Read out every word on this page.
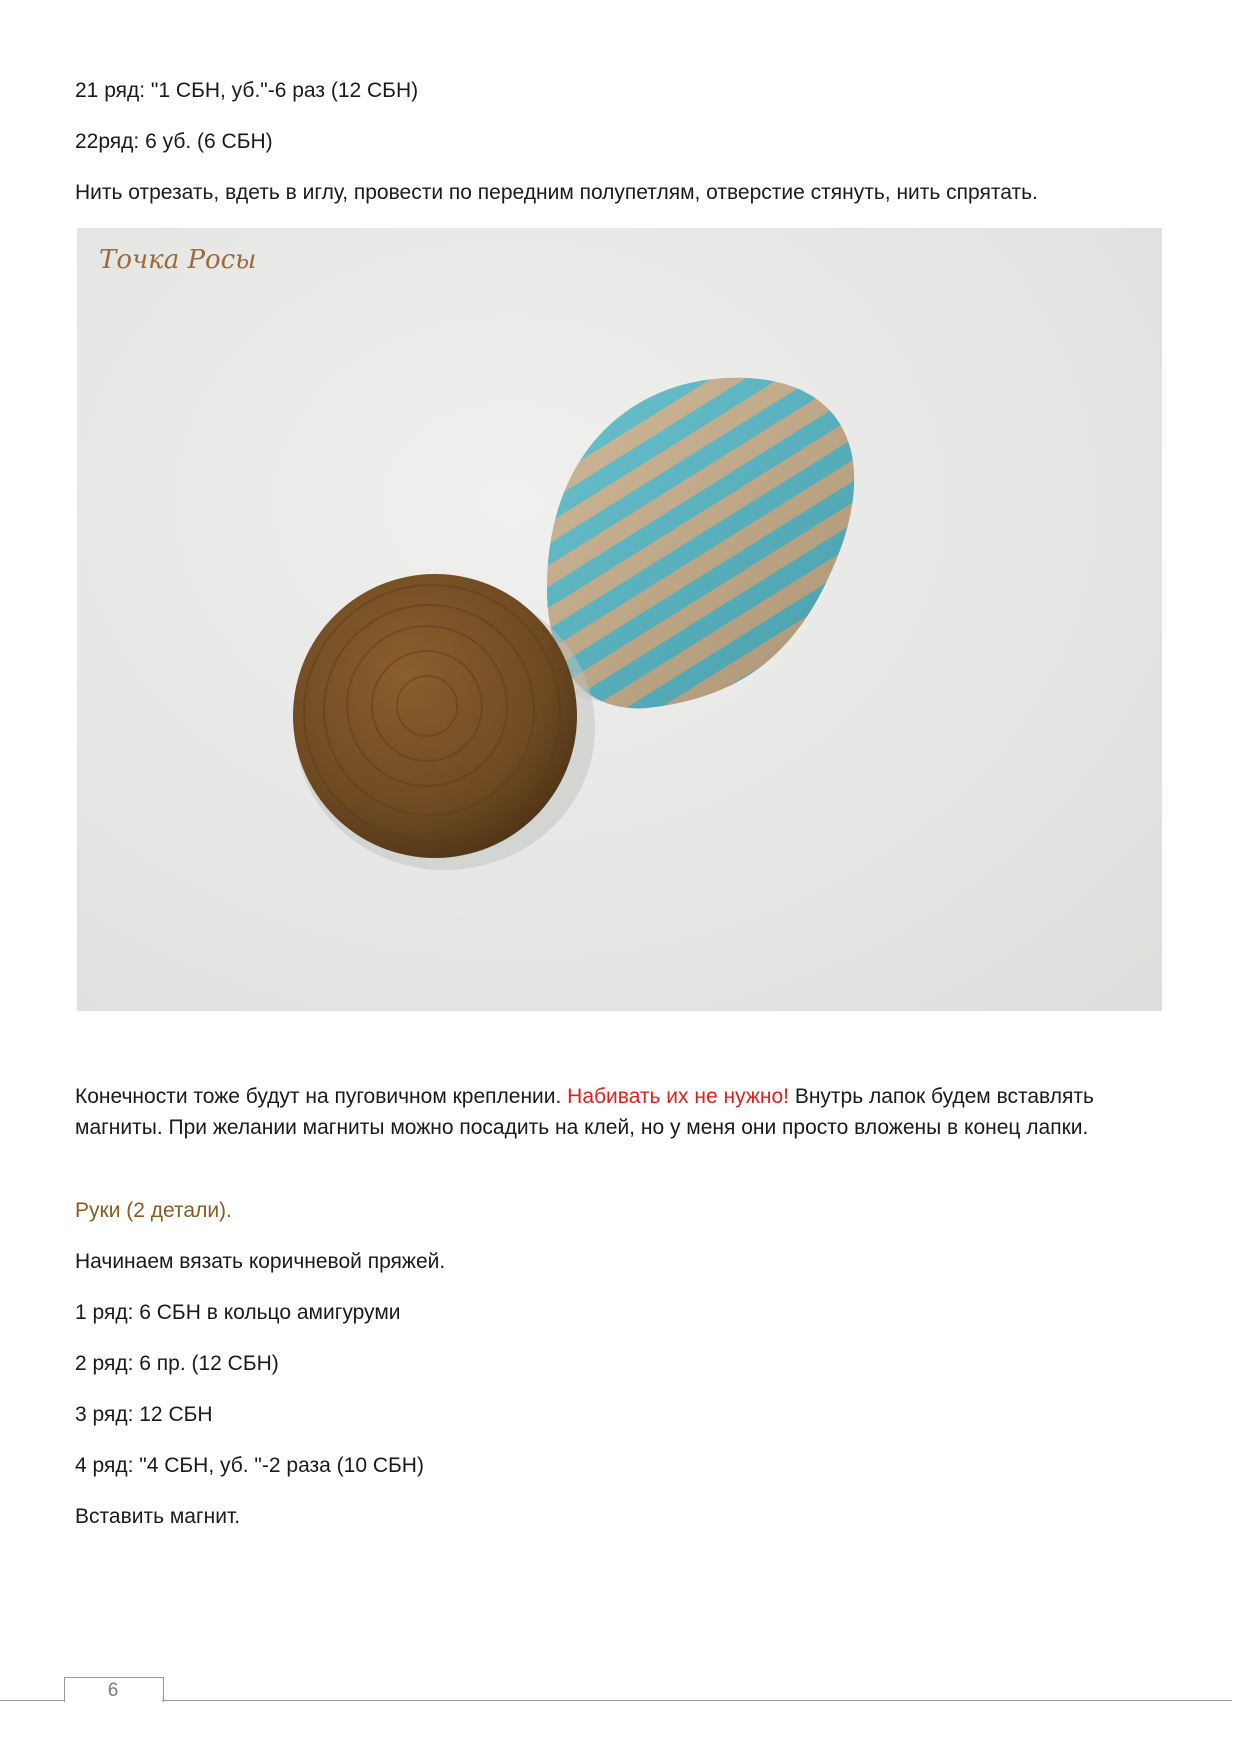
21 ряд: "1 СБН, уб."-6 раз (12 СБН)

22ряд: 6 уб. (6 СБН)

Нить отрезать, вдеть в иглу, провести по передним полупетлям, отверстие стянуть, нить спрятать.

Точка Росы

Конечности тоже будут на пуговичном креплении. Набивать их не нужно! Внутрь лапок будем вставлять магниты. При желании магниты можно посадить на клей, но у меня они просто вложены в конец лапки.

Руки (2 детали).

Начинаем вязать коричневой пряжей.

1 ряд: 6 СБН в кольцо амигуруми

2 ряд: 6 пр. (12 СБН)

3 ряд: 12 СБН

4 ряд: "4 СБН, уб. "-2 раза (10 СБН)

Вставить магнит.

6
